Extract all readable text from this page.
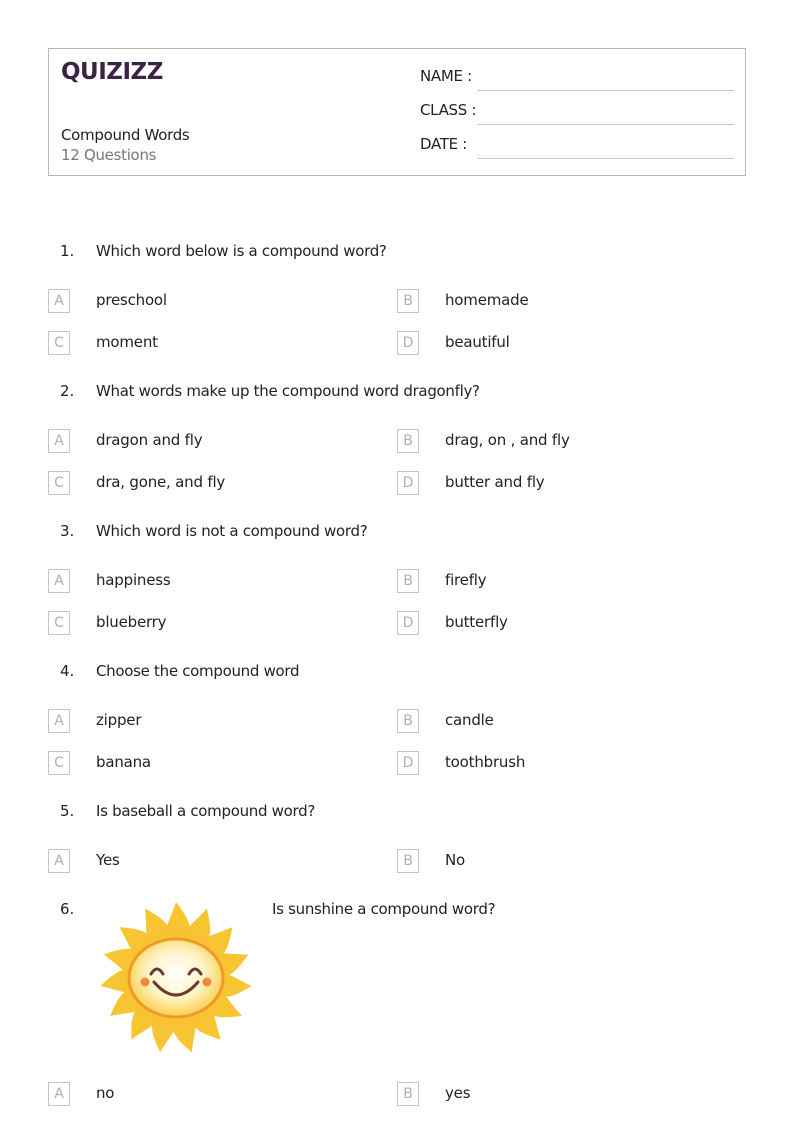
QUIZIZZ
Compound Words
12 Questions
NAME :
CLASS :
DATE :
1. Which word below is a compound word?
A	preschool	B	homemade
C	moment	D	beautiful
2. What words make up the compound word dragonfly?
A	dragon and fly	B	drag, on , and fly
C	dra, gone, and fly	D	butter and fly
3. Which word is not a compound word?
A	happiness	B	firefly
C	blueberry	D	butterfly
4. Choose the compound word
A	zipper	B	candle
C	banana	D	toothbrush
5. Is baseball a compound word?
A	Yes	B	No
6.	Is sunshine a compound word?
A	no	B	yes
